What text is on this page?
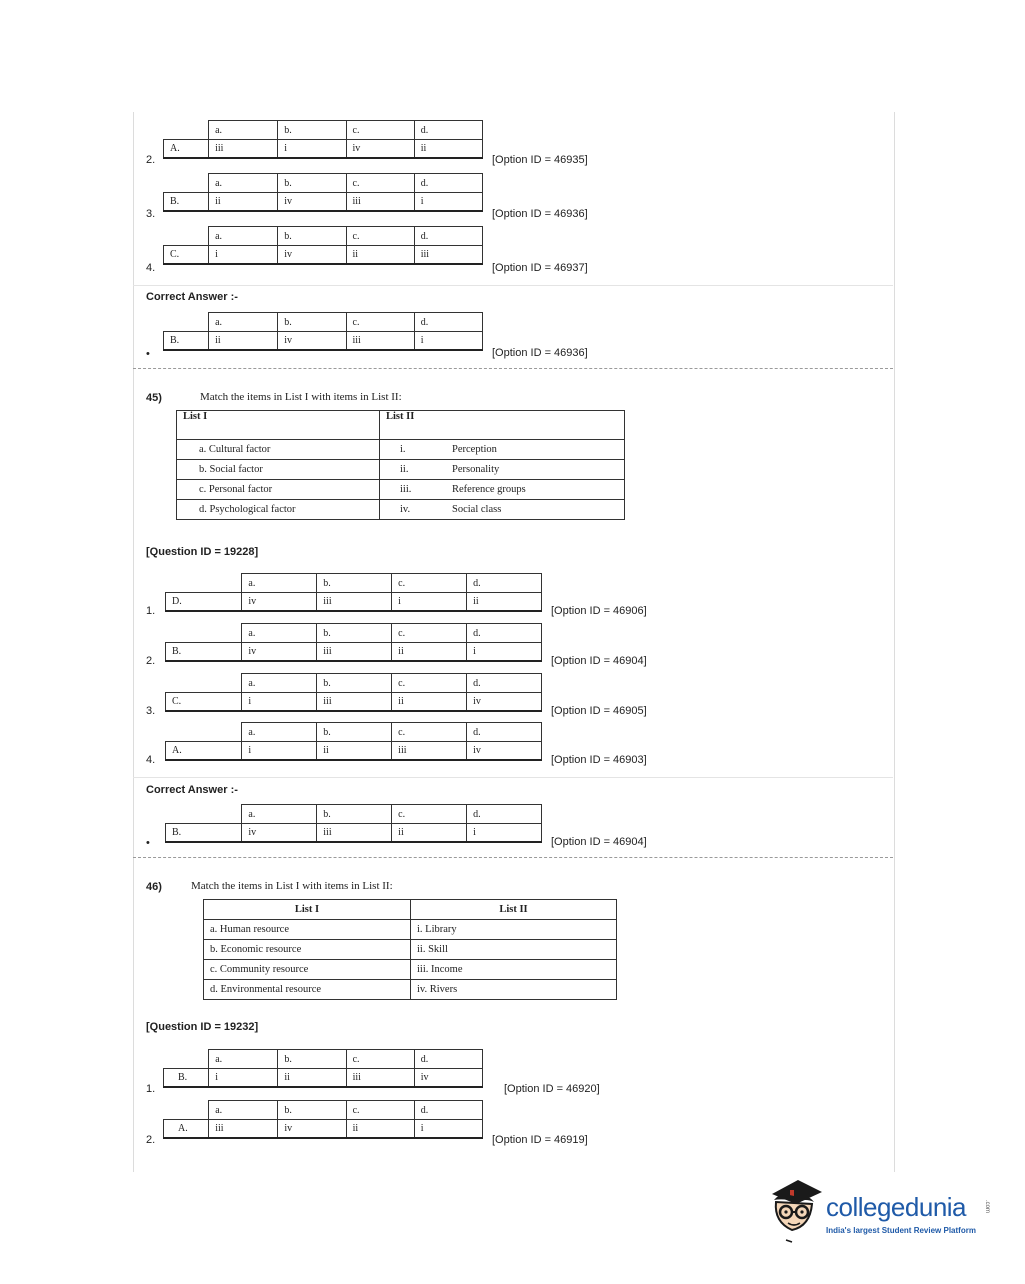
	a.	b.	c.	d.
A.	iii	i	iv	ii
2.	[Option ID = 46935]
	a.	b.	c.	d.
B.	ii	iv	iii	i
3.	[Option ID = 46936]
	a.	b.	c.	d.
C.	i	iv	ii	iii
4.	[Option ID = 46937]
Correct Answer :-
	a.	b.	c.	d.
B.	ii	iv	iii	i
•	[Option ID = 46936]
45)	Match the items in List I with items in List II:
List I	List II	
a. Cultural factor	i.	Perception
b. Social factor	ii.	Personality
c. Personal factor	iii.	Reference groups
d. Psychological factor	iv.	Social class
[Question ID = 19228]
	a.	b.	c.	d.
D.	iv	iii	i	ii
1.	[Option ID = 46906]
	a.	b.	c.	d.
B.	iv	iii	ii	i
2.	[Option ID = 46904]
	a.	b.	c.	d.
C.	i	iii	ii	iv
3.	[Option ID = 46905]
	a.	b.	c.	d.
A.	i	ii	iii	iv
4.	[Option ID = 46903]
Correct Answer :-
	a.	b.	c.	d.
B.	iv	iii	ii	i
•	[Option ID = 46904]
46)	Match the items in List I with items in List II:
List I	List II
a. Human resource	i. Library
b. Economic resource	ii. Skill
c. Community resource	iii. Income
d. Environmental resource	iv. Rivers
[Question ID = 19232]
	a.	b.	c.	d.
B.	i	ii	iii	iv
1.	[Option ID = 46920]
	a.	b.	c.	d.
A.	iii	iv	ii	i
2.	[Option ID = 46919]
collegedunia	.com
India's largest Student Review Platform
